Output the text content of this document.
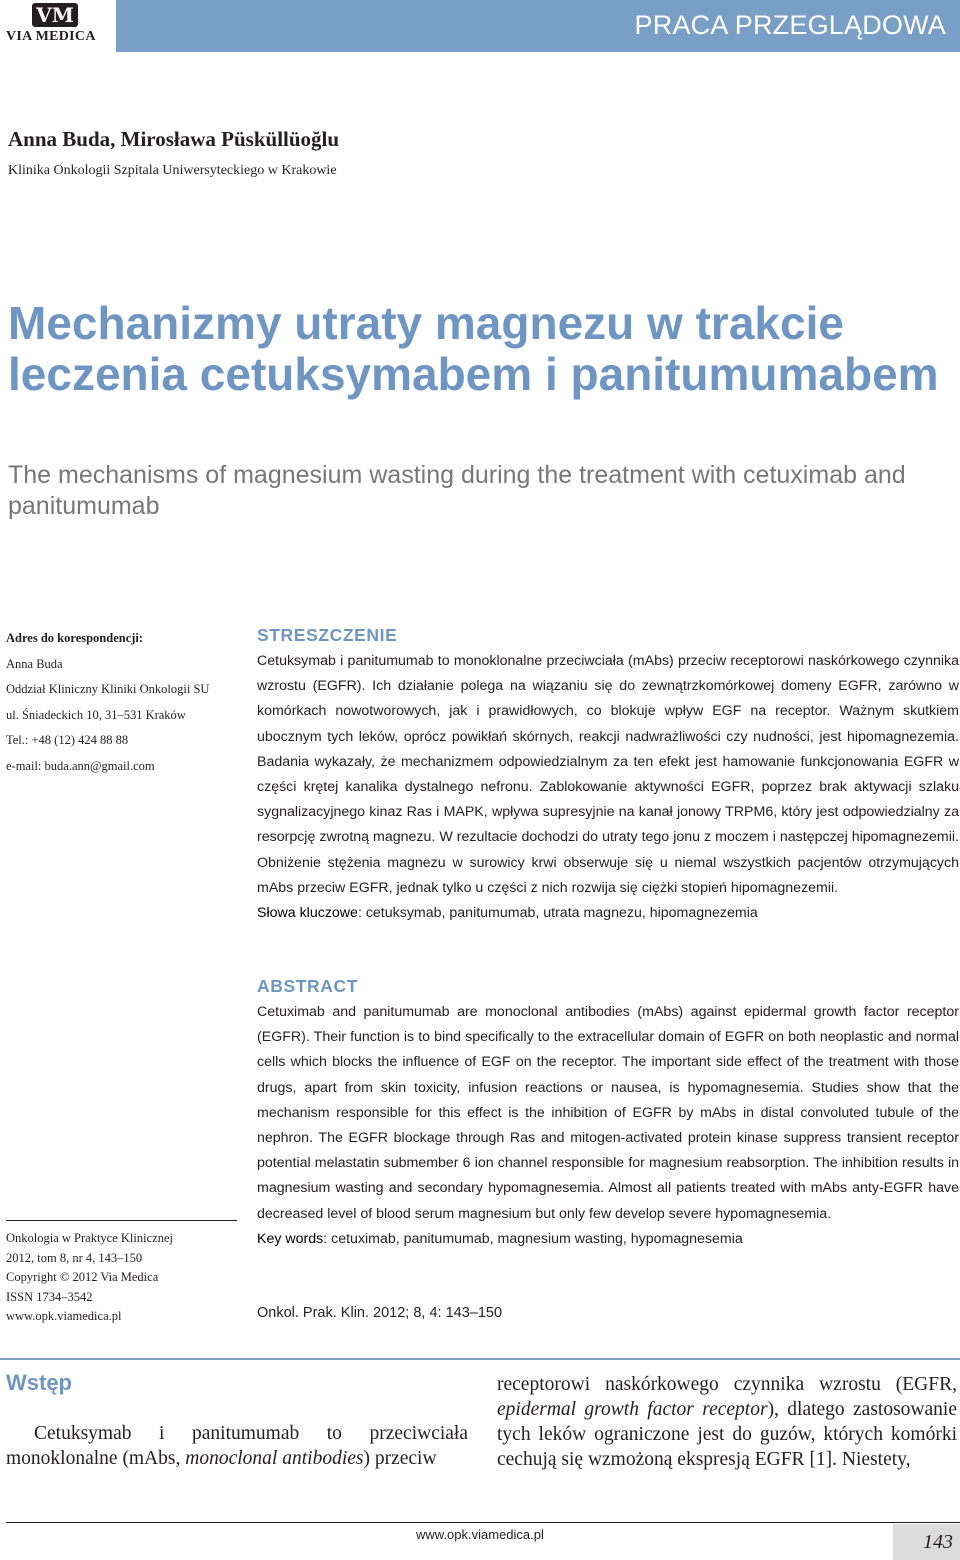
VM
VIA MEDICA	PRACA PRZEGLĄDOWA
Anna Buda, Mirosława Püsküllüoğlu
Klinika Onkologii Szpitala Uniwersyteckiego w Krakowie
Mechanizmy utraty magnezu w trakcie leczenia cetuksymabem i panitumumabem
The mechanisms of magnesium wasting during the treatment with cetuximab and panitumumab
Adres do korespondencji:
Anna Buda
Oddział Kliniczny Kliniki Onkologii SU
ul. Śniadeckich 10, 31–531 Kraków
Tel.: +48 (12) 424 88 88
e-mail: buda.ann@gmail.com
STRESZCZENIE
Cetuksymab i panitumumab to monoklonalne przeciwciała (mAbs) przeciw receptorowi naskórkowego czynnika wzrostu (EGFR). Ich działanie polega na wiązaniu się do zewnątrzkomórkowej domeny EGFR, zarówno w komórkach nowotworowych, jak i prawidłowych, co blokuje wpływ EGF na receptor. Ważnym skutkiem ubocznym tych leków, oprócz powikłań skórnych, reakcji nadwrażliwości czy nudności, jest hipomagnezemia. Badania wykazały, że mechanizmem odpowiedzialnym za ten efekt jest hamowanie funkcjonowania EGFR w części krętej kanalika dystalnego nefronu. Zablokowanie aktywności EGFR, poprzez brak aktywacji szlaku sygnalizacyjnego kinaz Ras i MAPK, wpływa supresyjnie na kanał jonowy TRPM6, który jest odpowiedzialny za resorpcję zwrotną magnezu. W rezultacie dochodzi do utraty tego jonu z moczem i następczej hipomagnezemii. Obniżenie stężenia magnezu w surowicy krwi obserwuje się u niemal wszystkich pacjentów otrzymujących mAbs przeciw EGFR, jednak tylko u części z nich rozwija się ciężki stopień hipomagnezemii.
Słowa kluczowe: cetuksymab, panitumumab, utrata magnezu, hipomagnezemia
ABSTRACT
Cetuximab and panitumumab are monoclonal antibodies (mAbs) against epidermal growth factor receptor (EGFR). Their function is to bind specifically to the extracellular domain of EGFR on both neoplastic and normal cells which blocks the influence of EGF on the receptor. The important side effect of the treatment with those drugs, apart from skin toxicity, infusion reactions or nausea, is hypomagnesemia. Studies show that the mechanism responsible for this effect is the inhibition of EGFR by mAbs in distal convoluted tubule of the nephron. The EGFR blockage through Ras and mitogen-activated protein kinase suppress transient receptor potential melastatin submember 6 ion channel responsible for magnesium reabsorption. The inhibition results in magnesium wasting and secondary hypomagnesemia. Almost all patients treated with mAbs anty-EGFR have decreased level of blood serum magnesium but only few develop severe hypomagnesemia.
Key words: cetuximab, panitumumab, magnesium wasting, hypomagnesemia
Onkol. Prak. Klin. 2012; 8, 4: 143–150
Onkologia w Praktyce Klinicznej
2012, tom 8, nr 4, 143–150
Copyright © 2012 Via Medica
ISSN 1734–3542
www.opk.viamedica.pl
Wstęp
Cetuksymab i panitumumab to przeciwciała monoklonalne (mAbs, monoclonal antibodies) przeciw
receptorowi naskórkowego czynnika wzrostu (EGFR, epidermal growth factor receptor), dlatego zastosowanie tych leków ograniczone jest do guzów, których komórki cechują się wzmożoną ekspresją EGFR [1]. Niestety,
www.opk.viamedica.pl	143
